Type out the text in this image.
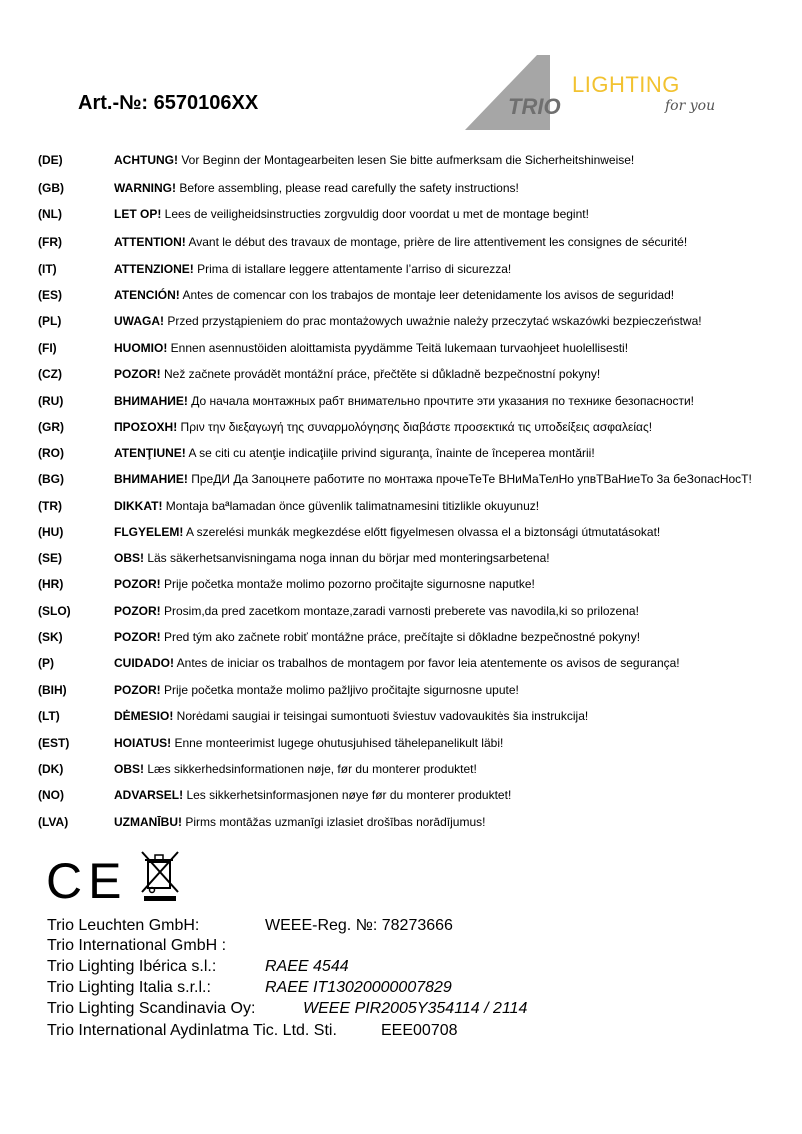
Art.-№: 6570106XX	TRIO
LIGHTING
for you
(DE)	ACHTUNG! Vor Beginn der Montagearbeiten lesen Sie bitte aufmerksam die Sicherheitshinweise!
(GB)	WARNING! Before assembling, please read carefully the safety instructions!
(NL)	LET OP! Lees de veiligheidsinstructies zorgvuldig door voordat u met de montage begint!
(FR)	ATTENTION! Avant le début des travaux de montage, prière de lire attentivement les consignes de sécurité!
(IT)	ATTENZIONE! Prima di istallare leggere attentamente l’arriso di sicurezza!
(ES)	ATENCIÓN! Antes de comencar con los trabajos de montaje leer detenidamente los avisos de seguridad!
(PL)	UWAGA! Przed przystąpieniem do prac montażowych uważnie należy przeczytać wskazówki bezpieczeństwa!
(FI)	HUOMIO! Ennen asennustöiden aloittamista pyydämme Teitä lukemaan turvaohjeet huolellisesti!
(CZ)	POZOR! Než začnete provádět montážní práce, přečtěte si důkladně bezpečnostní pokyny!
(RU)	ВНИМАНИЕ! До начала монтажных рабт внимательно прочтите эти указания по технике безопасности!
(GR)	ΠΡΟΣΟΧΗ! Πριν την διεξαγωγή της συναρμολόγησης διαβάστε προσεκτικά τις υποδείξεις ασφαλείας!
(RO)	ATENŢIUNE! A se citi cu atenţie indicaţiile privind siguranţa, înainte de începerea montării!
(BG)	ВНИМАНИЕ! ПреДИ Да Запоцнете работите по монтажа прочеТеТе ВНиМаТелНо упвТВаНиеТо 3а беЗопасНосТ!
(TR)	DIKKAT! Montaja baªlamadan önce güvenlik talimatnamesini titizlikle okuyunuz!
(HU)	FLGYELEM! A szerelési munkák megkezdése előtt figyelmesen olvassa el a biztonsági útmutatásokat!
(SE)	OBS! Läs säkerhetsanvisningama noga innan du börjar med monteringsarbetena!
(HR)	POZOR! Prije početka montaže molimo pozorno pročitajte sigurnosne naputke!
(SLO)	POZOR! Prosim,da pred zacetkom montaze,zaradi varnosti preberete vas navodila,ki so prilozena!
(SK)	POZOR! Pred tým ako začnete robiť montážne práce, prečítajte si dôkladne bezpečnostné pokyny!
(P)	CUIDADO! Antes de iniciar os trabalhos de montagem por favor leia atentemente os avisos de segurança!
(BIH)	POZOR! Prije početka montaže molimo pažljivo pročitajte sigurnosne upute!
(LT)	DĖMESIO! Norėdami saugiai ir teisingai sumontuoti šviestuv vadovaukitės šia instrukcija!
(EST)	HOIATUS! Enne monteerimist lugege ohutusjuhised tähelepanelikult läbi!
(DK)	OBS! Læs sikkerhedsinformationen nøje, før du monterer produktet!
(NO)	ADVARSEL! Les sikkerhetsinformasjonen nøye før du monterer produktet!
(LVA)	UZMANĪBU! Pirms montāžas uzmanīgi izlasiet drošības norādījumus!
CE
Trio Leuchten GmbH:	WEEE-Reg. №: 78273666
Trio International GmbH :
Trio Lighting Ibérica s.l.:	RAEE 4544
Trio Lighting Italia s.r.l.:	RAEE IT13020000007829
Trio Lighting Scandinavia Oy:	WEEE PIR2005Y354114 / 2114
Trio International Aydinlatma Tic. Ltd. Sti.	EEE00708
